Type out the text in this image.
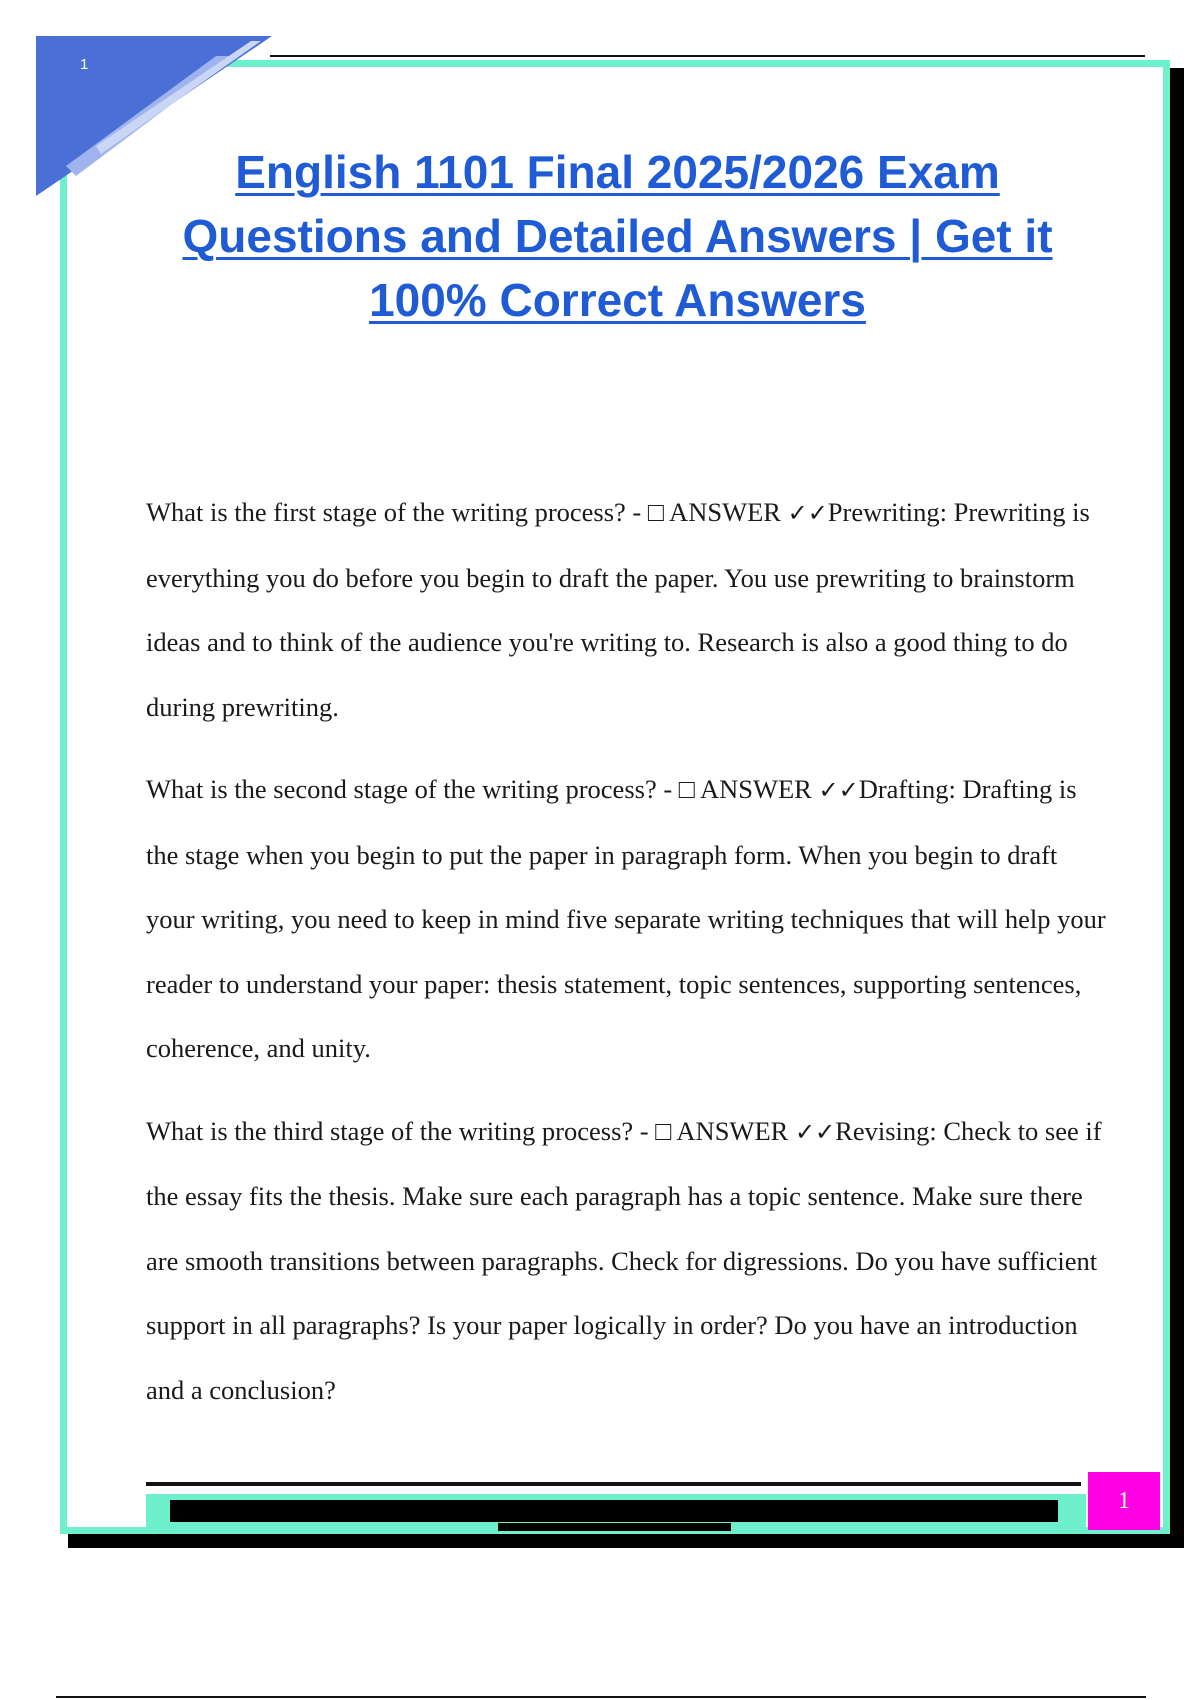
1
English 1101 Final 2025/2026 Exam
Questions and Detailed Answers | Get it
100% Correct Answers

What is the first stage of the writing process? - □ ANSWER ✓✓Prewriting: Prewriting is everything you do before you begin to draft the paper. You use prewriting to brainstorm ideas and to think of the audience you're writing to. Research is also a good thing to do during prewriting.

What is the second stage of the writing process? - □ ANSWER ✓✓Drafting: Drafting is the stage when you begin to put the paper in paragraph form. When you begin to draft your writing, you need to keep in mind five separate writing techniques that will help your reader to understand your paper: thesis statement, topic sentences, supporting sentences, coherence, and unity.

What is the third stage of the writing process? - □ ANSWER ✓✓Revising: Check to see if the essay fits the thesis. Make sure each paragraph has a topic sentence. Make sure there are smooth transitions between paragraphs. Check for digressions. Do you have sufficient support in all paragraphs? Is your paper logically in order? Do you have an introduction and a conclusion?

1
